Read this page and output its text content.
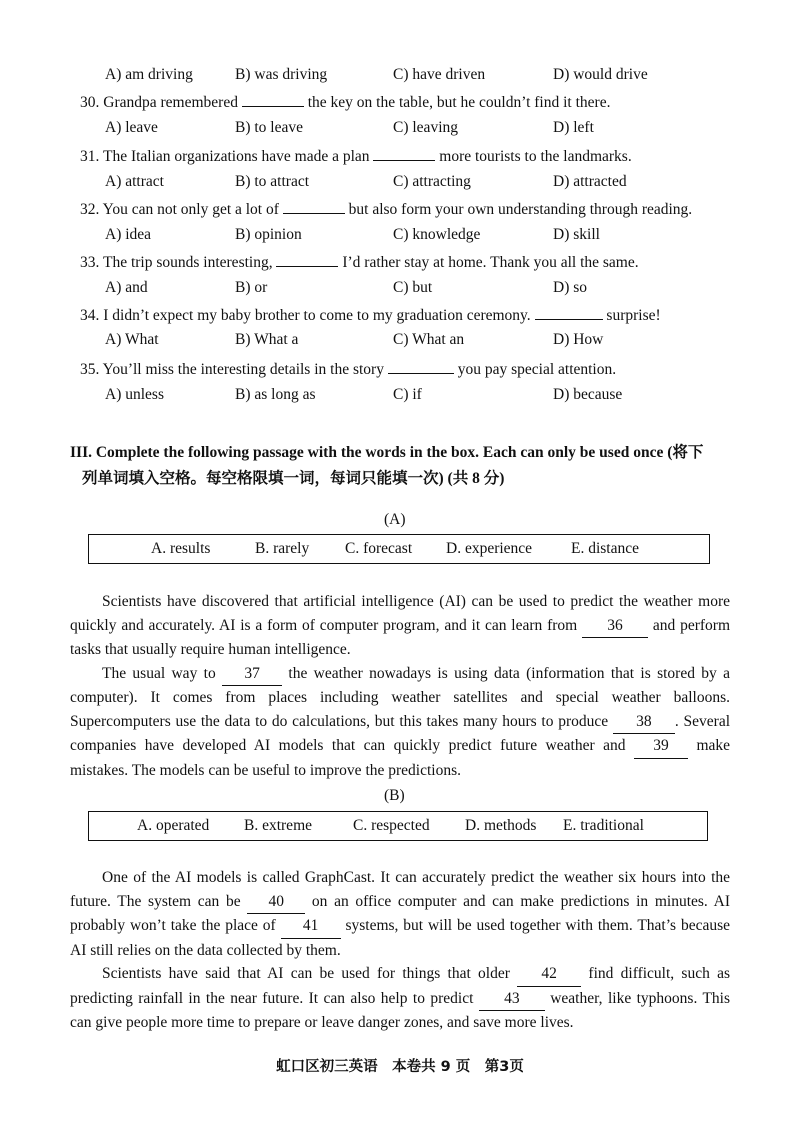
A) am driving	B) was driving	C) have driven	D) would drive
30. Grandpa remembered	the key on the table, but he couldn’t find it there.
A) leave	B) to leave	C) leaving	D) left
31. The Italian organizations have made a plan	more tourists to the landmarks.
A) attract	B) to attract	C) attracting	D) attracted
32. You can not only get a lot of	but also form your own understanding through reading.
A) idea	B) opinion	C) knowledge	D) skill
33. The trip sounds interesting,	I’d rather stay at home. Thank you all the same.
A) and	B) or	C) but	D) so
34. I didn’t expect my baby brother to come to my graduation ceremony.	surprise!
A) What	B) What a	C) What an	D) How
35. You’ll miss the interesting details in the story	you pay special attention.
A) unless	B) as long as	C) if	D) because
III. Complete the following passage with the words in the box. Each can only be used once (将下
列单词填入空格。每空格限填一词，每词只能填一次) (共 8 分)
(A)
A. results	B. rarely C. forecast D. experience	E. distance

Scientists have discovered that artificial intelligence (AI) can be used to predict the weather more quickly and accurately. AI is a form of computer program, and it can learn from 36 and perform tasks that usually require human intelligence.

The usual way to 37 the weather nowadays is using data (information that is stored by a computer). It comes from places including weather satellites and special weather balloons. Supercomputers use the data to do calculations, but this takes many hours to produce 38 . Several companies have developed AI models that can quickly predict future weather and 39 make mistakes. The models can be useful to improve the predictions.

(B)
A. operated B. extreme	C. respected D. methods E. traditional

One of the AI models is called GraphCast. It can accurately predict the weather six hours into the future. The system can be 40 on an office computer and can make predictions in minutes. AI probably won’t take the place of 41 systems, but will be used together with them. That’s because AI still relies on the data collected by them.

Scientists have said that AI can be used for things that older 42 find difficult, such as predicting rainfall in the near future. It can also help to predict 43 weather, like typhoons. This can give people more time to prepare or leave danger zones, and save more lives.

虹口区初三英语　本卷共 9 页　第3页
